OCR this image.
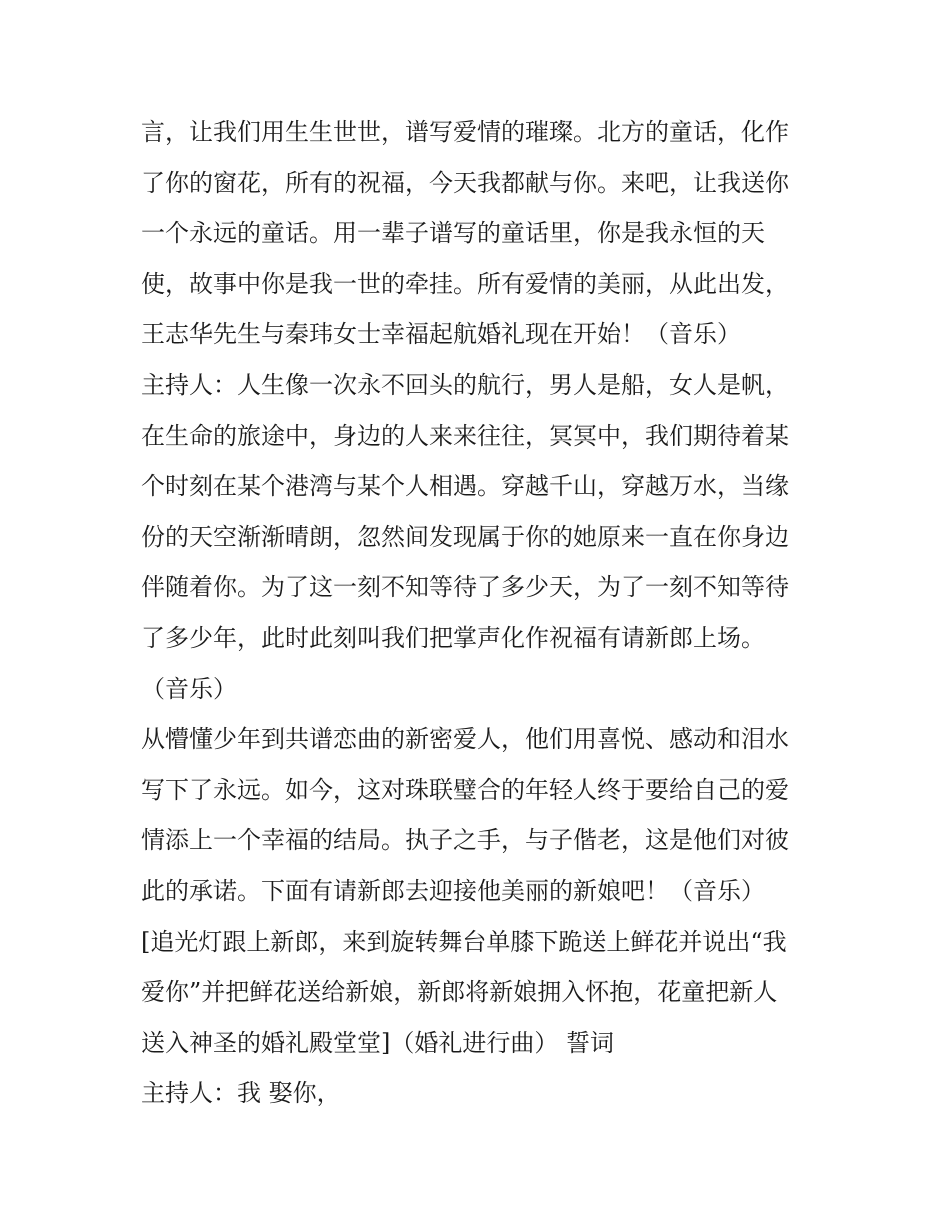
言，让我们用生生世世，谱写爱情的璀璨。北方的童话，化作
了你的窗花，所有的祝福，今天我都献与你。来吧，让我送你
一个永远的童话。用一辈子谱写的童话里，你是我永恒的天
使，故事中你是我一世的牵挂。所有爱情的美丽，从此出发，
王志华先生与秦玮女士幸福起航婚礼现在开始！（音乐）
主持人：人生像一次永不回头的航行，男人是船，女人是帆，
在生命的旅途中，身边的人来来往往，冥冥中，我们期待着某
个时刻在某个港湾与某个人相遇。穿越千山，穿越万水，当缘
份的天空渐渐晴朗，忽然间发现属于你的她原来一直在你身边
伴随着你。为了这一刻不知等待了多少天，为了一刻不知等待
了多少年，此时此刻叫我们把掌声化作祝福有请新郎上场。
（音乐）
从懵懂少年到共谱恋曲的新密爱人，他们用喜悦、感动和泪水
写下了永远。如今，这对珠联璧合的年轻人终于要给自己的爱
情添上一个幸福的结局。执子之手，与子偕老，这是他们对彼
此的承诺。下面有请新郎去迎接他美丽的新娘吧！（音乐）
[追光灯跟上新郎，来到旋转舞台单膝下跪送上鲜花并说出“我
爱你”并把鲜花送给新娘，新郎将新娘拥入怀抱，花童把新人
送入神圣的婚礼殿堂堂]（婚礼进行曲） 誓词
主持人：我 娶你，
